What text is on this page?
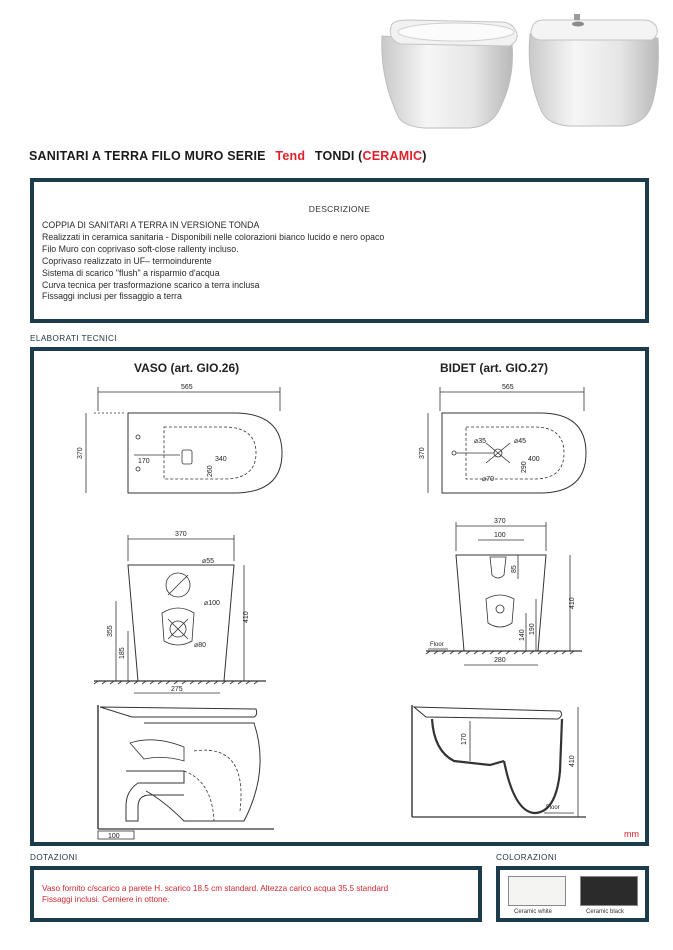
SANITARI A TERRA FILO MURO SERIE Tend TONDI (CERAMIC)
DESCRIZIONE
COPPIA DI SANITARI A TERRA IN VERSIONE TONDA
Realizzati in ceramica sanitaria - Disponibili nelle colorazioni bianco lucido e nero opaco
Filo Muro con coprivaso soft-close rallenty incluso.
Coprivaso realizzato in UF– termoindurente
Sistema di scarico "flush" a risparmio d'acqua
Curva tecnica per trasformazione scarico a terra inclusa
Fissaggi inclusi per fissaggio a terra
ELABORATI TECNICI
VASO (art. GIO.26)	BIDET (art. GIO.27)
mm
565
370
170	340
260
370
⌀55
⌀100
⌀80
410
355
185
275
100
565
370
⌀35	⌀45
⌀70
400
290
370
100
85
410
140
190
280
Floor
170
410
Floor
DOTAZIONI
Vaso fornito c/scarico a parete H. scarico 18.5 cm standard. Altezza carico acqua 35.5 standard
Fissaggi inclusi. Cerniere in ottone.
COLORAZIONI
Ceramic white	Ceramic black
